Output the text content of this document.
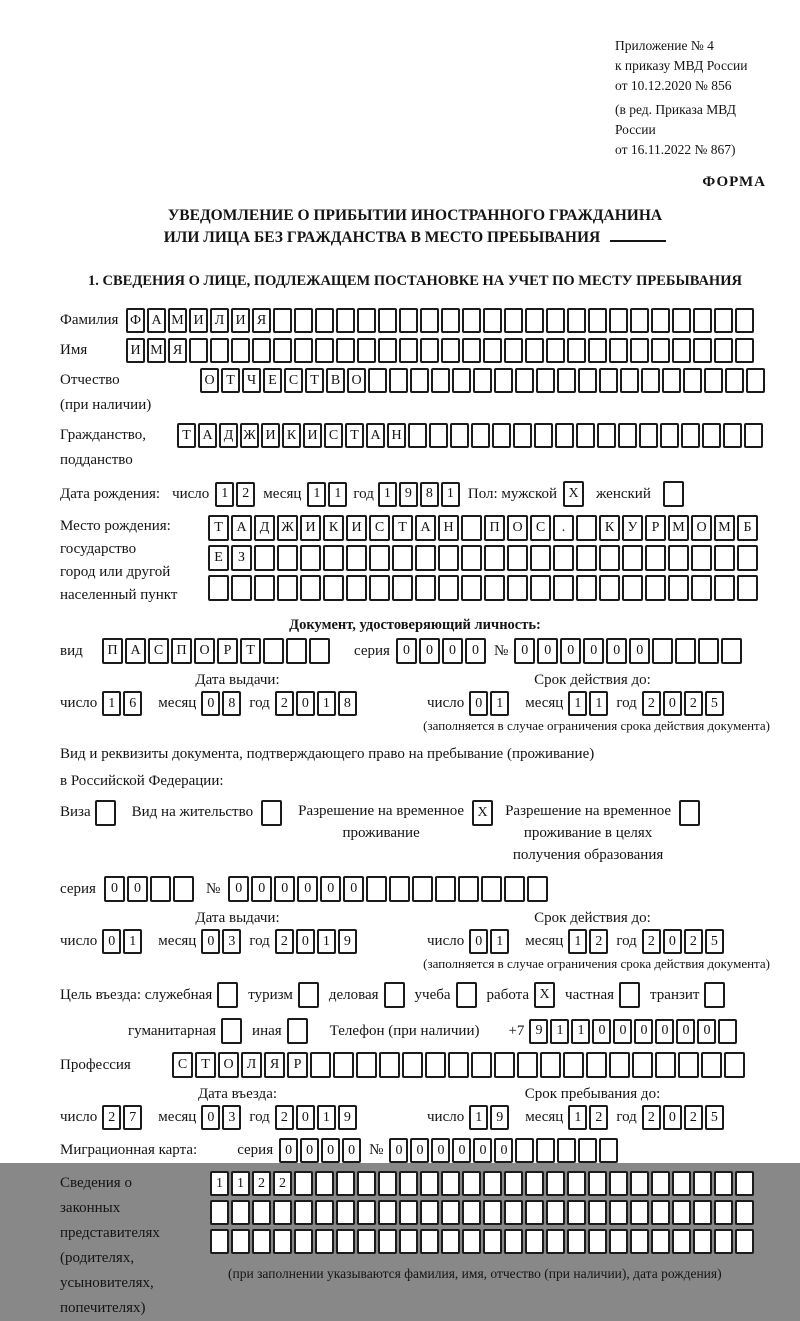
Приложение № 4
к приказу МВД России
от 10.12.2020 № 856
(в ред. Приказа МВД России
от 16.11.2022 № 867)
ФОРМА
УВЕДОМЛЕНИЕ О ПРИБЫТИИ ИНОСТРАННОГО ГРАЖДАНИНА
ИЛИ ЛИЦА БЕЗ ГРАЖДАНСТВА В МЕСТО ПРЕБЫВАНИЯ
1. СВЕДЕНИЯ О ЛИЦЕ, ПОДЛЕЖАЩЕМ ПОСТАНОВКЕ НА УЧЕТ ПО МЕСТУ ПРЕБЫВАНИЯ
Фамилия Ф А М И Л И Я
Имя	И М Я
Отчество
(при наличии)
О Т Ч Е С Т В О
Гражданство,
подданство
Т А Д Ж И К И С Т А Н
Дата рождения: число 1	2 месяц 1	1 год 1	9	8	1 Пол: мужской X	женский
Место рождения:
государство
город или другой
населенный пункт
Т А Д Ж И К И С	Т А Н	П О С	.	К У	Р М О М Б
Е	З
Документ, удостоверяющий личность:
вид	П А С П О	Р	Т	серия 0	0	0	0	№ 0	0	0	0	0	0
Дата выдачи:
число 1	6	месяц 0	8 год 2	0	1	8
Срок действия до:
число 0	1	месяц 1	1 год 2	0	2	5
(заполняется в случае ограничения срока действия документа)
Вид и реквизиты документа, подтверждающего право на пребывание (проживание)
в Российской Федерации:
Виза	Вид на жительство	Разрешение на временное
проживание
X	Разрешение на временное
проживание в целях
получения образования
серия	0	0	№	0	0	0	0	0	0
Дата выдачи:
число 0	1	месяц 0	3 год 2	0	1	9
Срок действия до:
число 0	1	месяц 1	2 год 2	0	2	5
(заполняется в случае ограничения срока действия документа)
Цель въезда: служебная туризм деловая учеба работа X	частная транзит
гуманитарная иная	Телефон (при наличии) +7 9	1	1	0	0	0	0	0	0
Профессия	С	Т О Л Я	Р
Дата въезда:
число 2	7	месяц 0	3 год 2	0	1	9
Срок пребывания до:
число 1	9	месяц 1	2 год 2	0	2	5
Миграционная карта:	серия 0	0	0	0 № 0	0	0	0	0	0
Сведения о
законных
представителях
(родителях,
усыновителях,
попечителях)
1	1	2	2
(при заполнении указываются фамилия, имя, отчество (при наличии), дата рождения)
